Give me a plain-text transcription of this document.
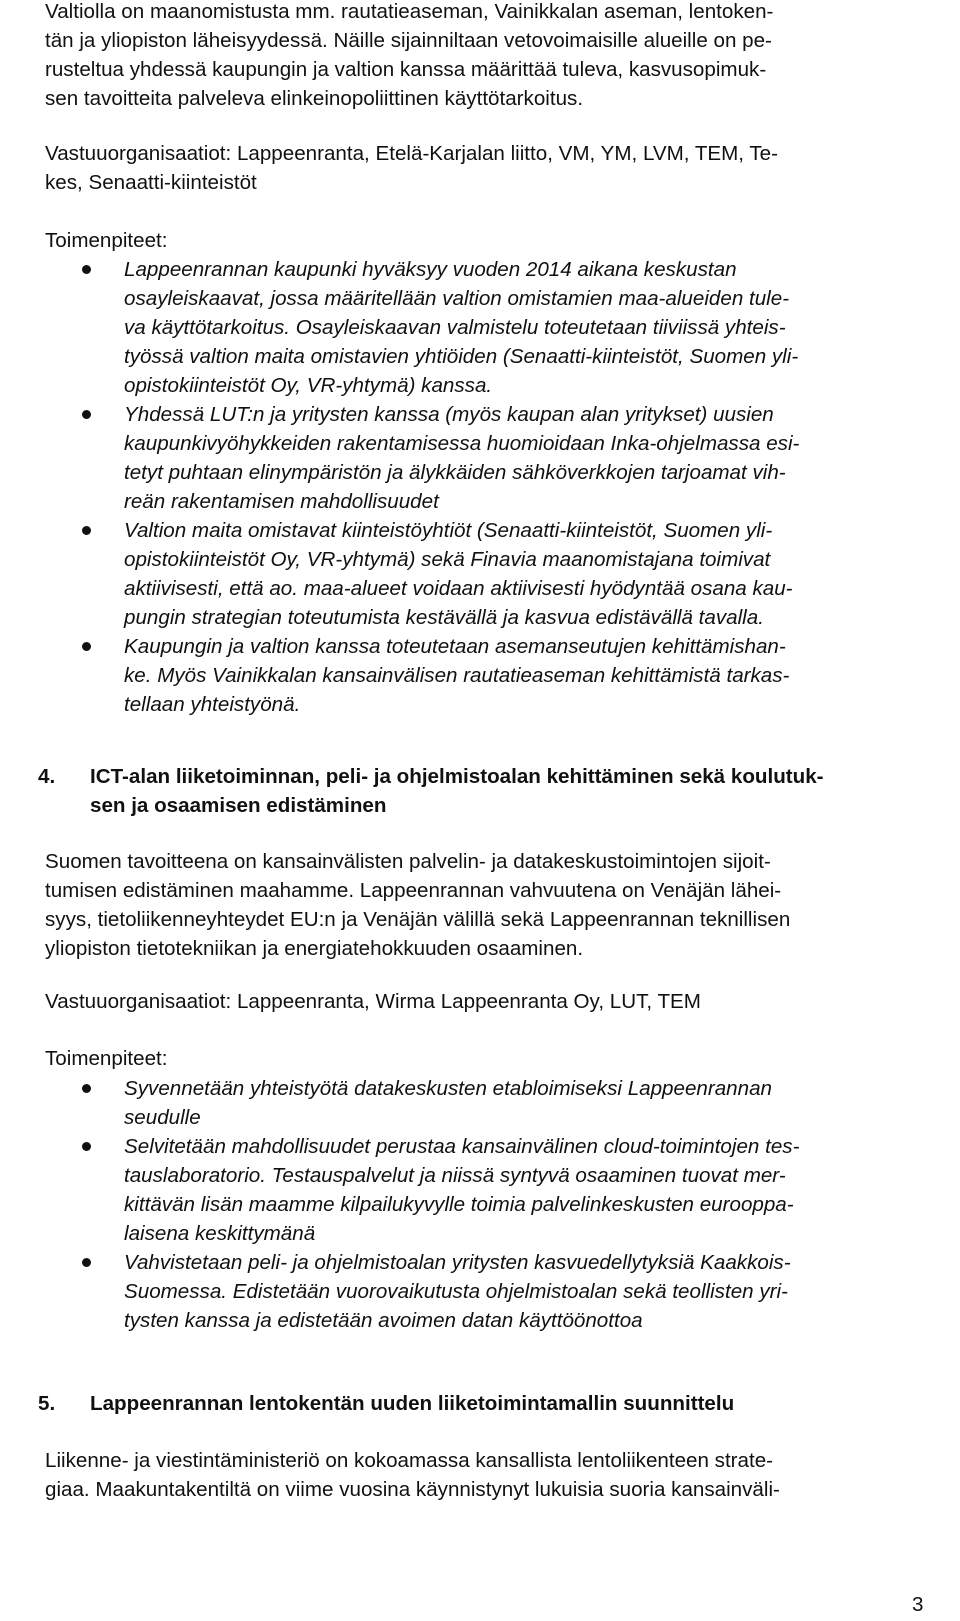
Valtiolla on maanomistusta mm. rautatieaseman, Vainikkalan aseman, lentoken-
tän ja yliopiston läheisyydessä. Näille sijainniltaan vetovoimaisille alueille on pe-
rusteltua yhdessä kaupungin ja valtion kanssa määrittää tuleva, kasvusopimuk-
sen tavoitteita palveleva elinkeinopoliittinen käyttötarkoitus.
Vastuuorganisaatiot: Lappeenranta, Etelä-Karjalan liitto, VM, YM, LVM, TEM, Te-
kes, Senaatti-kiinteistöt
Toimenpiteet:
Lappeenrannan kaupunki hyväksyy vuoden 2014 aikana keskustan
osayleiskaavat, jossa määritellään valtion omistamien maa-alueiden tule-
va käyttötarkoitus. Osayleiskaavan valmistelu toteutetaan tiiviissä yhteis-
työssä valtion maita omistavien yhtiöiden (Senaatti-kiinteistöt, Suomen yli-
opistokiinteistöt Oy, VR-yhtymä) kanssa.
Yhdessä LUT:n ja yritysten kanssa (myös kaupan alan yritykset) uusien
kaupunkivyöhykkeiden rakentamisessa huomioidaan Inka-ohjelmassa esi-
tetyt puhtaan elinympäristön ja älykkäiden sähköverkkojen tarjoamat vih-
reän rakentamisen mahdollisuudet
Valtion maita omistavat kiinteistöyhtiöt (Senaatti-kiinteistöt, Suomen yli-
opistokiinteistöt Oy, VR-yhtymä) sekä Finavia maanomistajana toimivat
aktiivisesti, että ao. maa-alueet voidaan aktiivisesti hyödyntää osana kau-
pungin strategian toteutumista kestävällä ja kasvua edistävällä tavalla.
Kaupungin ja valtion kanssa toteutetaan asemanseutujen kehittämishan-
ke. Myös Vainikkalan kansainvälisen rautatieaseman kehittämistä tarkas-
tellaan yhteistyönä.
4. ICT-alan liiketoiminnan, peli- ja ohjelmistoalan kehittäminen sekä koulutuk-
sen ja osaamisen edistäminen
Suomen tavoitteena on kansainvälisten palvelin- ja datakeskustoimintojen sijoit-
tumisen edistäminen maahamme. Lappeenrannan vahvuutena on Venäjän lähei-
syys, tietoliikenneyhteydet EU:n ja Venäjän välillä sekä Lappeenrannan teknillisen
yliopiston tietotekniikan ja energiatehokkuuden osaaminen.
Vastuuorganisaatiot: Lappeenranta, Wirma Lappeenranta Oy, LUT, TEM
Toimenpiteet:
Syvennetään yhteistyötä datakeskusten etabloimiseksi Lappeenrannan
seudulle
Selvitetään mahdollisuudet perustaa kansainvälinen cloud-toimintojen tes-
tauslaboratorio. Testauspalvelut ja niissä syntyvä osaaminen tuovat mer-
kittävän lisän maamme kilpailukyvylle toimia palvelinkeskusten eurooppa-
laisena keskittymänä
Vahvistetaan peli- ja ohjelmistoalan yritysten kasvuedellytyksiä Kaakkois-
Suomessa. Edistetään vuorovaikutusta ohjelmistoalan sekä teollisten yri-
tysten kanssa ja edistetään avoimen datan käyttöönottoa
5. Lappeenrannan lentokentän uuden liiketoimintamallin suunnittelu
Liikenne- ja viestintäministeriö on kokoamassa kansallista lentoliikenteen strate-
giaa. Maakuntakentiltä on viime vuosina käynnistynyt lukuisia suoria kansainväli-
3
